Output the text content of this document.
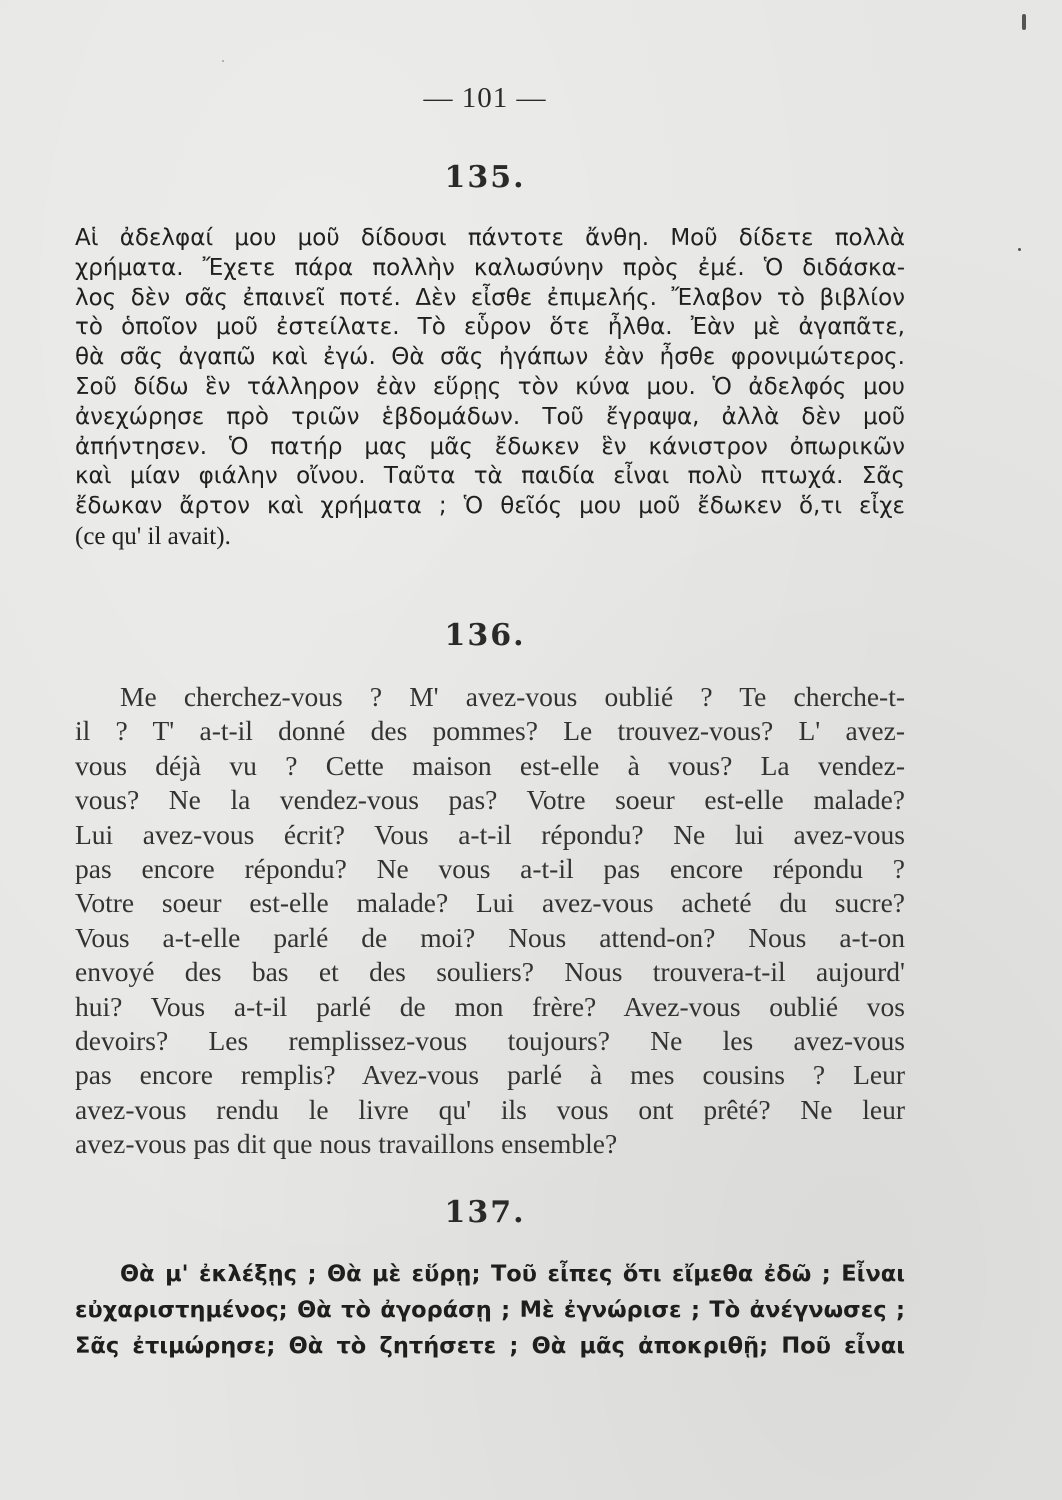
— 101 —
135.
Αἱ ἀδελφαί μου μοῦ δίδουσι πάντοτε ἄνθη. Μοῦ δίδετε πολλὰ
χρήματα. Ἔχετε πάρα πολλὴν καλωσύνην πρὸς ἐμέ. Ὁ διδάσκα-
λος δὲν σᾶς ἐπαινεῖ ποτέ. Δὲν εἶσθε ἐπιμελής. Ἔλαβον τὸ βιβλίον
τὸ ὁποῖον μοῦ ἐστείλατε. Τὸ εὗρον ὅτε ἦλθα. Ἐὰν μὲ ἀγαπᾶτε,
θὰ σᾶς ἀγαπῶ καὶ ἐγώ. Θὰ σᾶς ἠγάπων ἐὰν ἦσθε φρονιμώτερος.
Σοῦ δίδω ἓν τάλληρον ἐὰν εὕρῃς τὸν κύνα μου. Ὁ ἀδελφός μου
ἀνεχώρησε πρὸ τριῶν ἑβδομάδων. Τοῦ ἔγραψα, ἀλλὰ δὲν μοῦ
ἀπήντησεν. Ὁ πατήρ μας μᾶς ἔδωκεν ἓν κάνιστρον ὀπωρικῶν
καὶ μίαν φιάλην οἴνου. Ταῦτα τὰ παιδία εἶναι πολὺ πτωχά. Σᾶς
ἔδωκαν ἄρτον καὶ χρήματα ; Ὁ θεῖός μου μοῦ ἔδωκεν ὅ,τι εἶχε
(ce qu' il avait).
136.
Me cherchez-vous ? M' avez-vous oublié ? Te cherche-t-
il ? T' a-t-il donné des pommes? Le trouvez-vous? L' avez-
vous déjà vu ? Cette maison est-elle à vous? La vendez-
vous? Ne la vendez-vous pas? Votre soeur est-elle malade?
Lui avez-vous écrit? Vous a-t-il répondu? Ne lui avez-vous
pas encore répondu? Ne vous a-t-il pas encore répondu ?
Votre soeur est-elle malade? Lui avez-vous acheté du sucre?
Vous a-t-elle parlé de moi? Nous attend-on? Nous a-t-on
envoyé des bas et des souliers? Nous trouvera-t-il aujourd'
hui? Vous a-t-il parlé de mon frère? Avez-vous oublié vos
devoirs? Les remplissez-vous toujours? Ne les avez-vous
pas encore remplis? Avez-vous parlé à mes cousins ? Leur
avez-vous rendu le livre qu' ils vous ont prêté? Ne leur
avez-vous pas dit que nous travaillons ensemble?
137.
Θὰ μ' ἐκλέξῃς ; Θὰ μὲ εὕρῃ; Τοῦ εἶπες ὅτι εἴμεθα ἐδῶ ; Εἶναι
εὐχαριστημένος; Θὰ τὸ ἀγοράσῃ ; Μὲ ἐγνώρισε ; Τὸ ἀνέγνωσες ;
Σᾶς ἐτιμώρησε; Θὰ τὸ ζητήσετε ; Θὰ μᾶς ἀποκριθῇ; Ποῦ εἶναι
